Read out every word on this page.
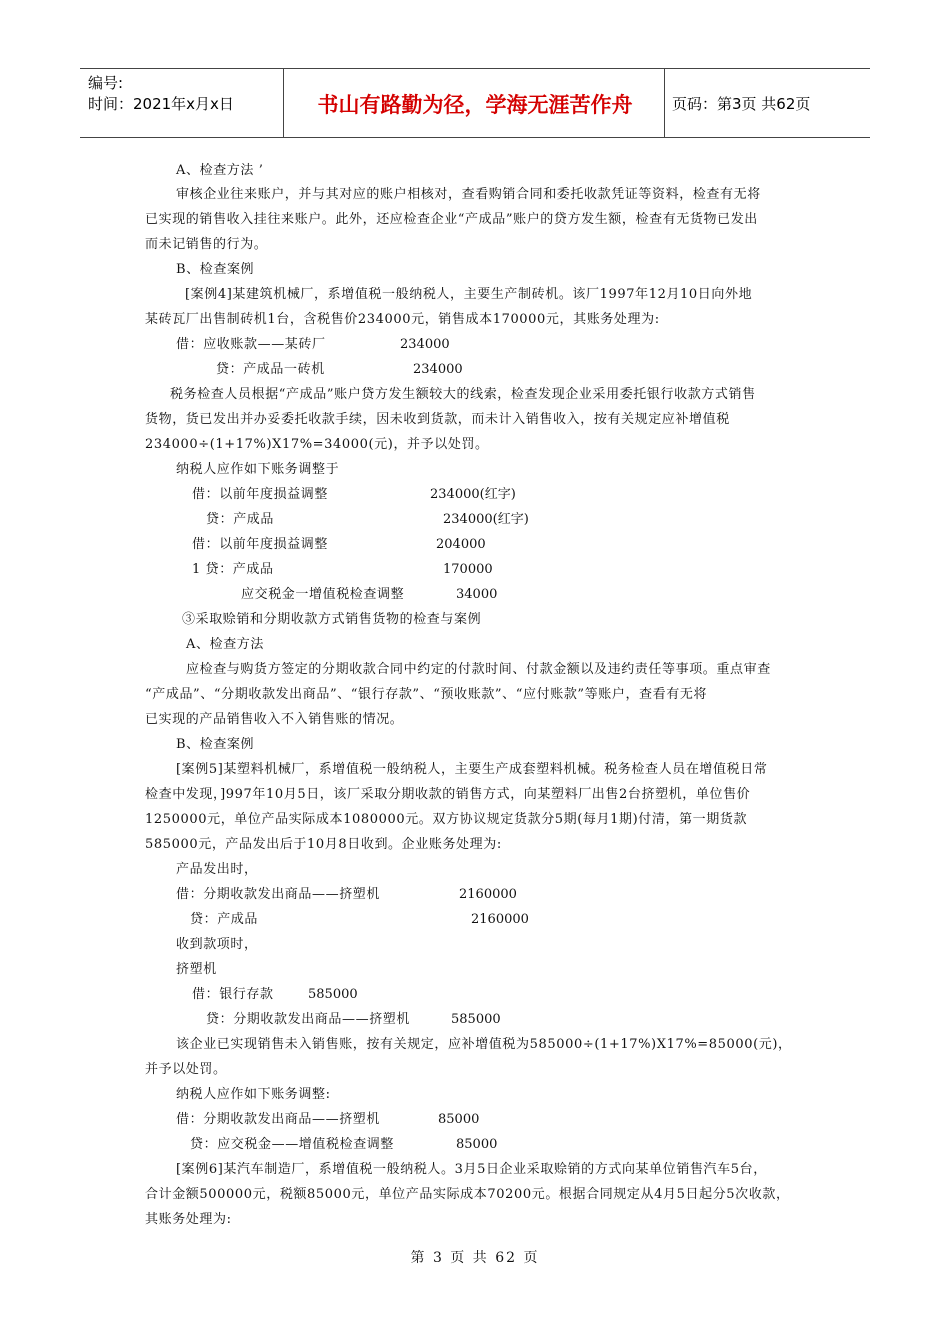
编号:
时间：2021年x月x日	书山有路勤为径，学海无涯苦作舟	页码：第3页 共62页
A、检查方法 ’
审核企业往来账户，并与其对应的账户相核对，查看购销合同和委托收款凭证等资料，检查有无将
已实现的销售收入挂往来账户。此外，还应检查企业“产成品”账户的贷方发生额，检查有无货物已发出
而未记销售的行为。
B、检查案例
[案例4]某建筑机械厂，系增值税一般纳税人，主要生产制砖机。该厂1997年12月10日向外地
某砖瓦厂出售制砖机1台，含税售价234000元，销售成本170000元，其账务处理为:
借：应收账款——某砖厂	234000
贷：产成品一砖机	234000
税务检查人员根据“产成品”账户贷方发生额较大的线索，检查发现企业采用委托银行收款方式销售
货物，货已发出并办妥委托收款手续，因未收到货款，而未计入销售收入，按有关规定应补增值税
234000÷(1+17%)X17%=34000(元)，并予以处罚。
纳税人应作如下账务调整于
借：以前年度损益调整	234000(红字)
贷：产成品	234000(红字)
借：以前年度损益调整	204000
1 贷：产成品	170000
应交税金一增值税检查调整	34000
③采取赊销和分期收款方式销售货物的检查与案例
A、检查方法
应检查与购货方签定的分期收款合同中约定的付款时间、付款金额以及违约责任等事项。重点审查
“产成品”、“分期收款发出商品”、“银行存款”、“预收账款”、“应付账款”等账户，查看有无将
已实现的产品销售收入不入销售账的情况。
B、检查案例
[案例5]某塑料机械厂，系增值税一般纳税人，主要生产成套塑料机械。税务检查人员在增值税日常
检查中发现，]997年10月5日，该厂采取分期收款的销售方式，向某塑料厂出售2台挤塑机，单位售价
1250000元，单位产品实际成本1080000元。双方协议规定货款分5期(每月1期)付清，第一期货款
585000元，产品发出后于10月8日收到。企业账务处理为:
产品发出时，
借：分期收款发出商品——挤塑机	2160000
贷：产成品	2160000
收到款项时，
挤塑机
借：银行存款	585000
贷：分期收款发出商品——挤塑机	585000
该企业已实现销售未入销售账，按有关规定，应补增值税为585000÷(1+17%)X17%=85000(元)，
并予以处罚。
纳税人应作如下账务调整:
借：分期收款发出商品——挤塑机	85000
贷：应交税金——增值税检查调整	85000
[案例6]某汽车制造厂，系增值税一般纳税人。3月5日企业采取赊销的方式向某单位销售汽车5台，
合计金额500000元，税额85000元，单位产品实际成本70200元。根据合同规定从4月5日起分5次收款，
其账务处理为:
第 3 页 共 62 页
